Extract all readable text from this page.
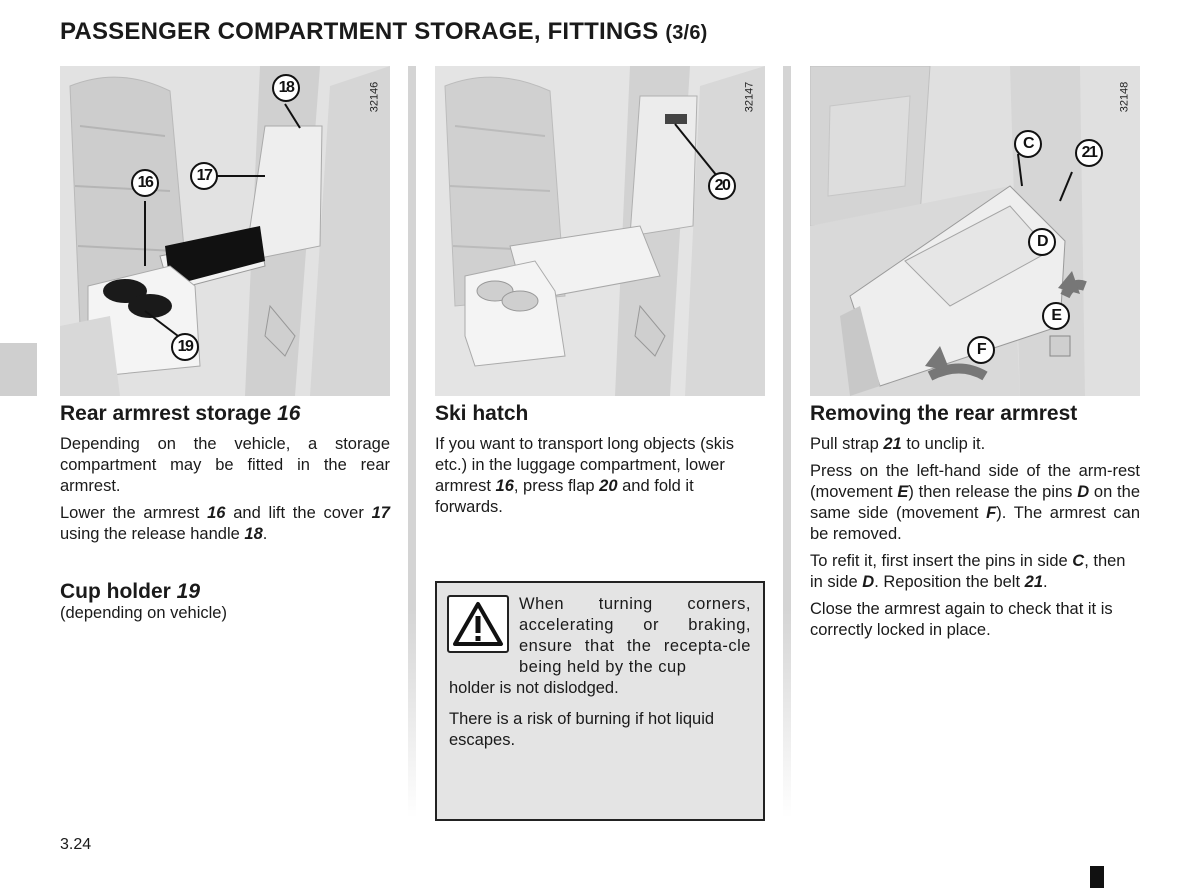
PASSENGER COMPARTMENT STORAGE, FITTINGS (3/6)
32146
18
17
16
19
32147
20
32148
C
21
D
E
F
Rear armrest storage 16

Depending on the vehicle, a storage compartment may be fitted in the rear armrest.

Lower the armrest 16 and lift the cover 17 using the release handle 18.

Cup holder 19
(depending on vehicle)
Ski hatch

If you want to transport long objects (skis etc.) in the luggage compartment, lower armrest 16, press flap 20 and fold it forwards.

When turning corners, accelerating or braking, ensure that the recepta-cle being held by the cup
holder is not dislodged.
There is a risk of burning if hot liquid escapes.
Removing the rear armrest

Pull strap 21 to unclip it.

Press on the left-hand side of the arm-rest (movement E) then release the pins D on the same side (movement F). The armrest can be removed.

To refit it, first insert the pins in side C, then in side D. Reposition the belt 21.

Close the armrest again to check that it is correctly locked in place.

3.24
